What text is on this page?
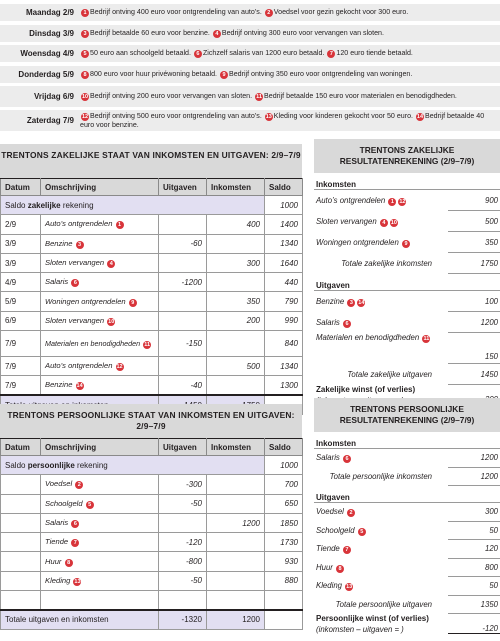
Maandag 2/9	1 Bedrijf ontving 400 euro voor ontgrendeling van auto’s. 2 Voedsel voor gezin gekocht voor 300 euro.
Dinsdag 3/9	3 Bedrijf betaalde 60 euro voor benzine. 4 Bedrijf ontving 300 euro voor vervangen van sloten.
Woensdag 4/9	5 50 euro aan schoolgeld betaald. 6 Zichzelf salaris van 1200 euro betaald. 7 120 euro tiende betaald.
Donderdag 5/9	8 800 euro voor huur privéwoning betaald. 9 Bedrijf ontving 350 euro voor ontgrendeling van woningen.
Vrijdag 6/9	10 Bedrijf ontving 200 euro voor vervangen van sloten. 11 Bedrijf betaalde 150 euro voor materialen en benodigdheden.
Zaterdag 7/9	12 Bedrijf ontving 500 euro voor ontgrendeling van auto’s. 13 Kleding voor kinderen gekocht voor 50 euro. 14 Bedrijf betaalde 40 euro voor benzine.
TRENTONS ZAKELIJKE STAAT VAN INKOMSTEN EN UITGAVEN: 2/9–7/9
Datum	Omschrijving	Uitgaven	Inkomsten	Saldo
Saldo zakelijke rekening				1000
2/9	Auto’s ontgrendelen 1		400	1400
3/9	Benzine 3	-60		1340
3/9	Sloten vervangen 4		300	1640
4/9	Salaris 6	-1200		440
5/9	Woningen ontgrendelen 9		350	790
6/9	Sloten vervangen 10		200	990
7/9	Materialen en benodigdheden 11	-150		840
7/9	Auto’s ontgrendelen 12		500	1340
7/9	Benzine 14	-40		1300

TRENTONS PERSOONLIJKE STAAT VAN INKOMSTEN EN UITGAVEN: 2/9–7/9
Datum	Omschrijving	Uitgaven	Inkomsten	Saldo
Saldo persoonlijke rekening				1000
	Voedsel 2	-300		700
	Schoolgeld 5	-50		650
	Salaris 6		1200	1850
	Tiende 7	-120		1730
	Huur 8	-800		930
	Kleding 13	-50		880

Totale uitgaven en inkomsten		-1320	1200	
TRENTONS ZAKELIJKE RESULTATENREKENING (2/9–7/9)
Inkomsten
Auto’s ontgrendelen 1 12	900
Sloten vervangen 4 10	500
Woningen ontgrendelen 9	350
Totale zakelijke inkomsten	1750
Uitgaven
Benzine 3 14	100
Salaris 6	1200
Materialen en benodigdheden 11
150
Totale zakelijke uitgaven	1450
Zakelijke winst (of verlies)
TRENTONS PERSOONLIJKE RESULTATENREKENING (2/9–7/9)
Inkomsten
Salaris 6	1200
Totale persoonlijke inkomsten	1200
Uitgaven
Voedsel 2	300
Schoolgeld 5	50
Tiende 7	120
Huur 8	800
Kleding 13	50
Totale persoonlijke uitgaven	1350
Persoonlijke winst (of verlies)
(inkomsten – uitgaven = )	-120
